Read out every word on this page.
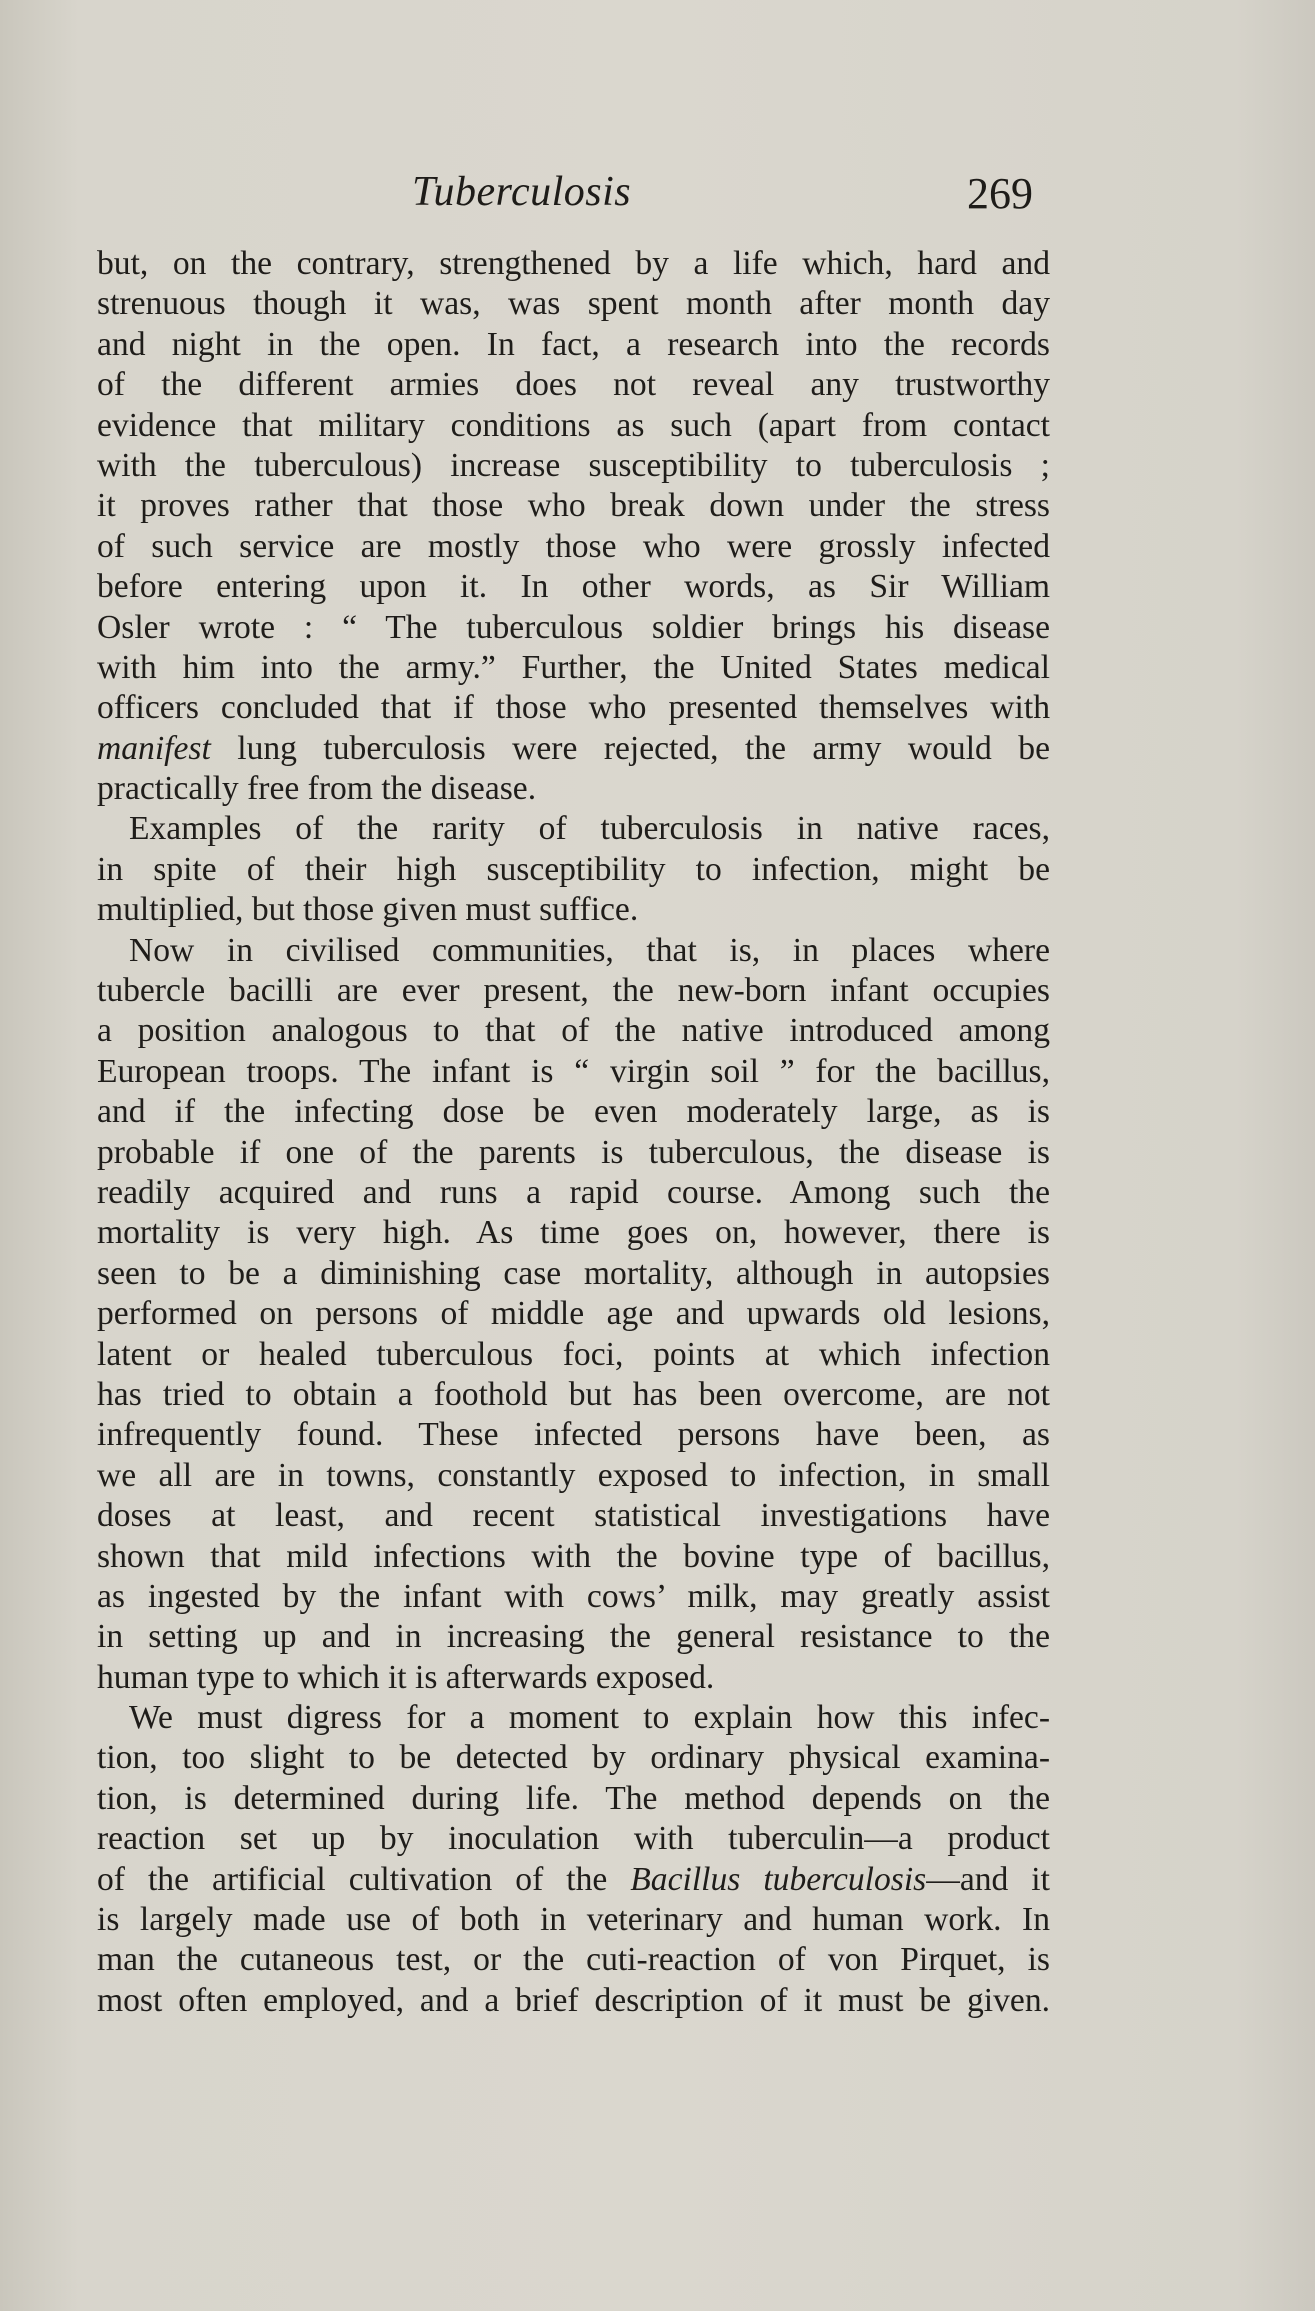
Tuberculosis	269
but, on the contrary, strengthened by a life which, hard and
strenuous though it was, was spent month after month day
and night in the open. In fact, a research into the records
of the different armies does not reveal any trustworthy
evidence that military conditions as such (apart from contact
with the tuberculous) increase susceptibility to tuberculosis ;
it proves rather that those who break down under the stress
of such service are mostly those who were grossly infected
before entering upon it. In other words, as Sir William
Osler wrote : “ The tuberculous soldier brings his disease
with him into the army.” Further, the United States medical
officers concluded that if those who presented themselves with
manifest lung tuberculosis were rejected, the army would be
practically free from the disease.
Examples of the rarity of tuberculosis in native races,
in spite of their high susceptibility to infection, might be
multiplied, but those given must suffice.
Now in civilised communities, that is, in places where
tubercle bacilli are ever present, the new-born infant occupies
a position analogous to that of the native introduced among
European troops. The infant is “ virgin soil ” for the bacillus,
and if the infecting dose be even moderately large, as is
probable if one of the parents is tuberculous, the disease is
readily acquired and runs a rapid course. Among such the
mortality is very high. As time goes on, however, there is
seen to be a diminishing case mortality, although in autopsies
performed on persons of middle age and upwards old lesions,
latent or healed tuberculous foci, points at which infection
has tried to obtain a foothold but has been overcome, are not
infrequently found. These infected persons have been, as
we all are in towns, constantly exposed to infection, in small
doses at least, and recent statistical investigations have
shown that mild infections with the bovine type of bacillus,
as ingested by the infant with cows’ milk, may greatly assist
in setting up and in increasing the general resistance to the
human type to which it is afterwards exposed.
We must digress for a moment to explain how this infec-
tion, too slight to be detected by ordinary physical examina-
tion, is determined during life. The method depends on the
reaction set up by inoculation with tuberculin—a product
of the artificial cultivation of the Bacillus tuberculosis—and it
is largely made use of both in veterinary and human work. In
man the cutaneous test, or the cuti-reaction of von Pirquet, is
most often employed, and a brief description of it must be given.
